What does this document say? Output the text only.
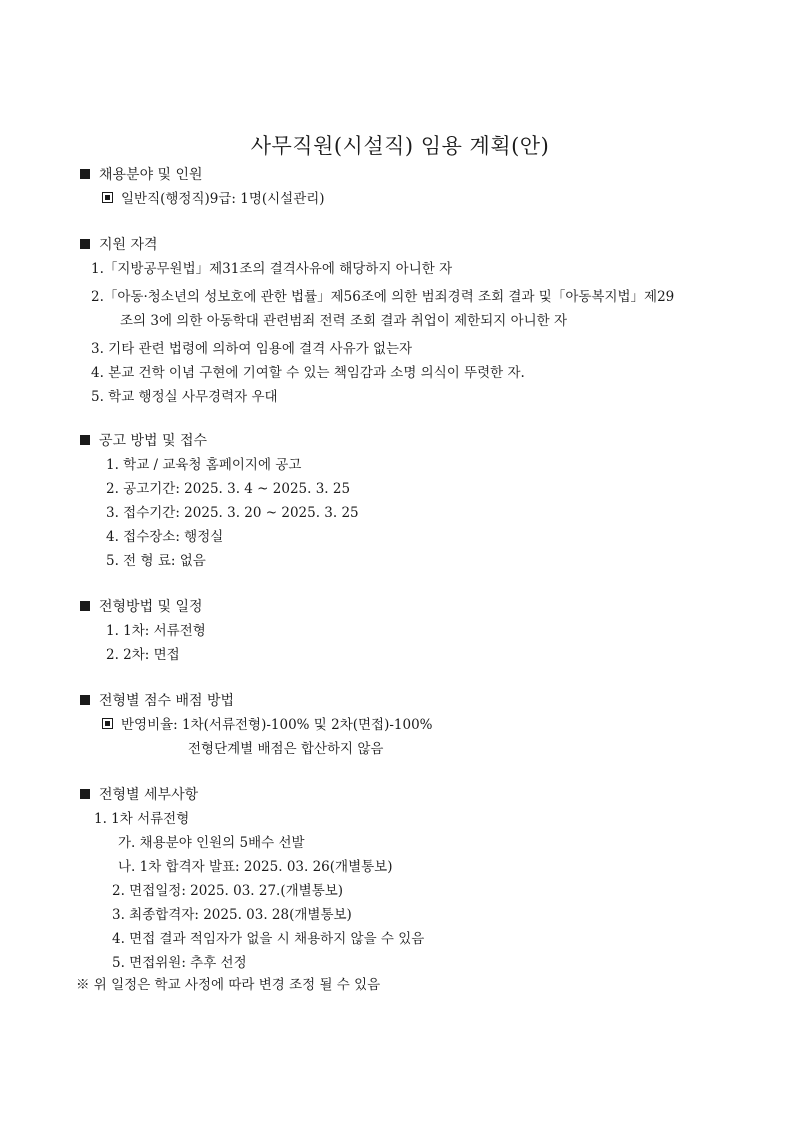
사무직원(시설직) 임용 계획(안)
채용분야 및 인원
일반직(행정직)9급: 1명(시설관리)
지원 자격
1.「지방공무원법」제31조의 결격사유에 해당하지 아니한 자
2.「아동·청소년의 성보호에 관한 법률」제56조에 의한 범죄경력 조회 결과 및「아동복지법」제29
조의 3에 의한 아동학대 관련범죄 전력 조회 결과 취업이 제한되지 아니한 자
3. 기타 관련 법령에 의하여 임용에 결격 사유가 없는자
4. 본교 건학 이념 구현에 기여할 수 있는 책임감과 소명 의식이 뚜렷한 자.
5. 학교 행정실 사무경력자 우대
공고 방법 및 접수
1. 학교 / 교육청 홈페이지에 공고
2. 공고기간: 2025. 3. 4 ~ 2025. 3. 25
3. 접수기간: 2025. 3. 20 ~ 2025. 3. 25
4. 접수장소: 행정실
5. 전 형 료: 없음
전형방법 및 일정
1. 1차: 서류전형
2. 2차: 면접
전형별 점수 배점 방법
반영비율: 1차(서류전형)-100% 및 2차(면접)-100%
전형단계별 배점은 합산하지 않음
전형별 세부사항
1. 1차 서류전형
가. 채용분야 인원의 5배수 선발
나. 1차 합격자 발표: 2025. 03. 26(개별통보)
2. 면접일정: 2025. 03. 27.(개별통보)
3. 최종합격자: 2025. 03. 28(개별통보)
4. 면접 결과 적임자가 없을 시 채용하지 않을 수 있음
5. 면접위원: 추후 선정
※ 위 일정은 학교 사정에 따라 변경 조정 될 수 있음
